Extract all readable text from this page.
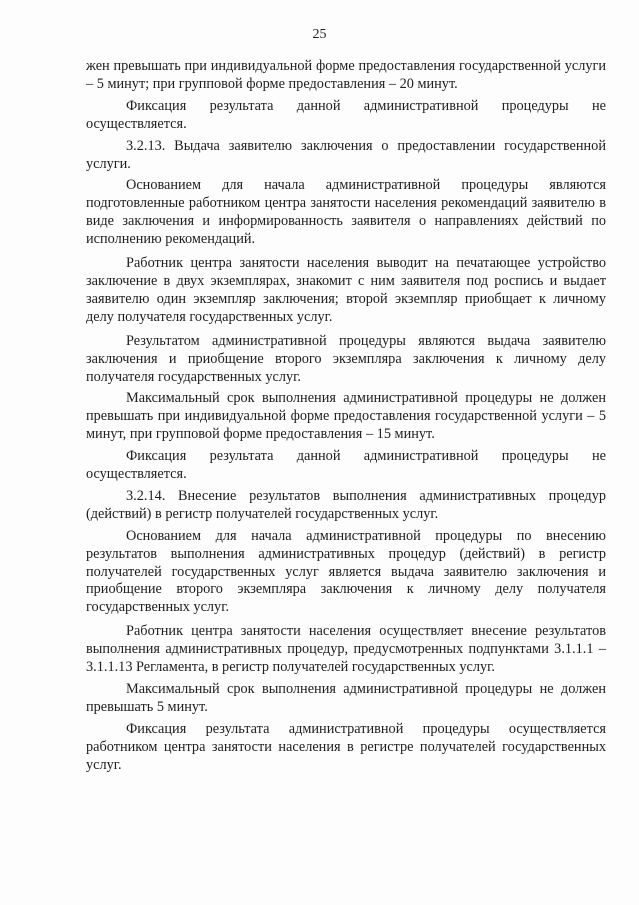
25

жен превышать при индивидуальной форме предоставления государственной услуги – 5 минут; при групповой форме предоставления – 20 минут.

Фиксация результата данной административной процедуры не осуществляется.

3.2.13. Выдача заявителю заключения о предоставлении государственной услуги.

Основанием для начала административной процедуры являются подготовленные работником центра занятости населения рекомендаций заявителю в виде заключения и информированность заявителя о направлениях действий по исполнению рекомендаций.

Работник центра занятости населения выводит на печатающее устройство заключение в двух экземплярах, знакомит с ним заявителя под роспись и выдает заявителю один экземпляр заключения; второй экземпляр приобщает к личному делу получателя государственных услуг.

Результатом административной процедуры являются выдача заявителю заключения и приобщение второго экземпляра заключения к личному делу получателя государственных услуг.

Максимальный срок выполнения административной процедуры не должен превышать при индивидуальной форме предоставления государственной услуги – 5 минут, при групповой форме предоставления – 15 минут.

Фиксация результата данной административной процедуры не осуществляется.

3.2.14. Внесение результатов выполнения административных процедур (действий) в регистр получателей государственных услуг.

Основанием для начала административной процедуры по внесению результатов выполнения административных процедур (действий) в регистр получателей государственных услуг является выдача заявителю заключения и приобщение второго экземпляра заключения к личному делу получателя государственных услуг.

Работник центра занятости населения осуществляет внесение результатов выполнения административных процедур, предусмотренных подпунктами 3.1.1.1 – 3.1.1.13 Регламента, в регистр получателей государственных услуг.

Максимальный срок выполнения административной процедуры не должен превышать 5 минут.

Фиксация результата административной процедуры осуществляется работником центра занятости населения в регистре получателей государственных услуг.
